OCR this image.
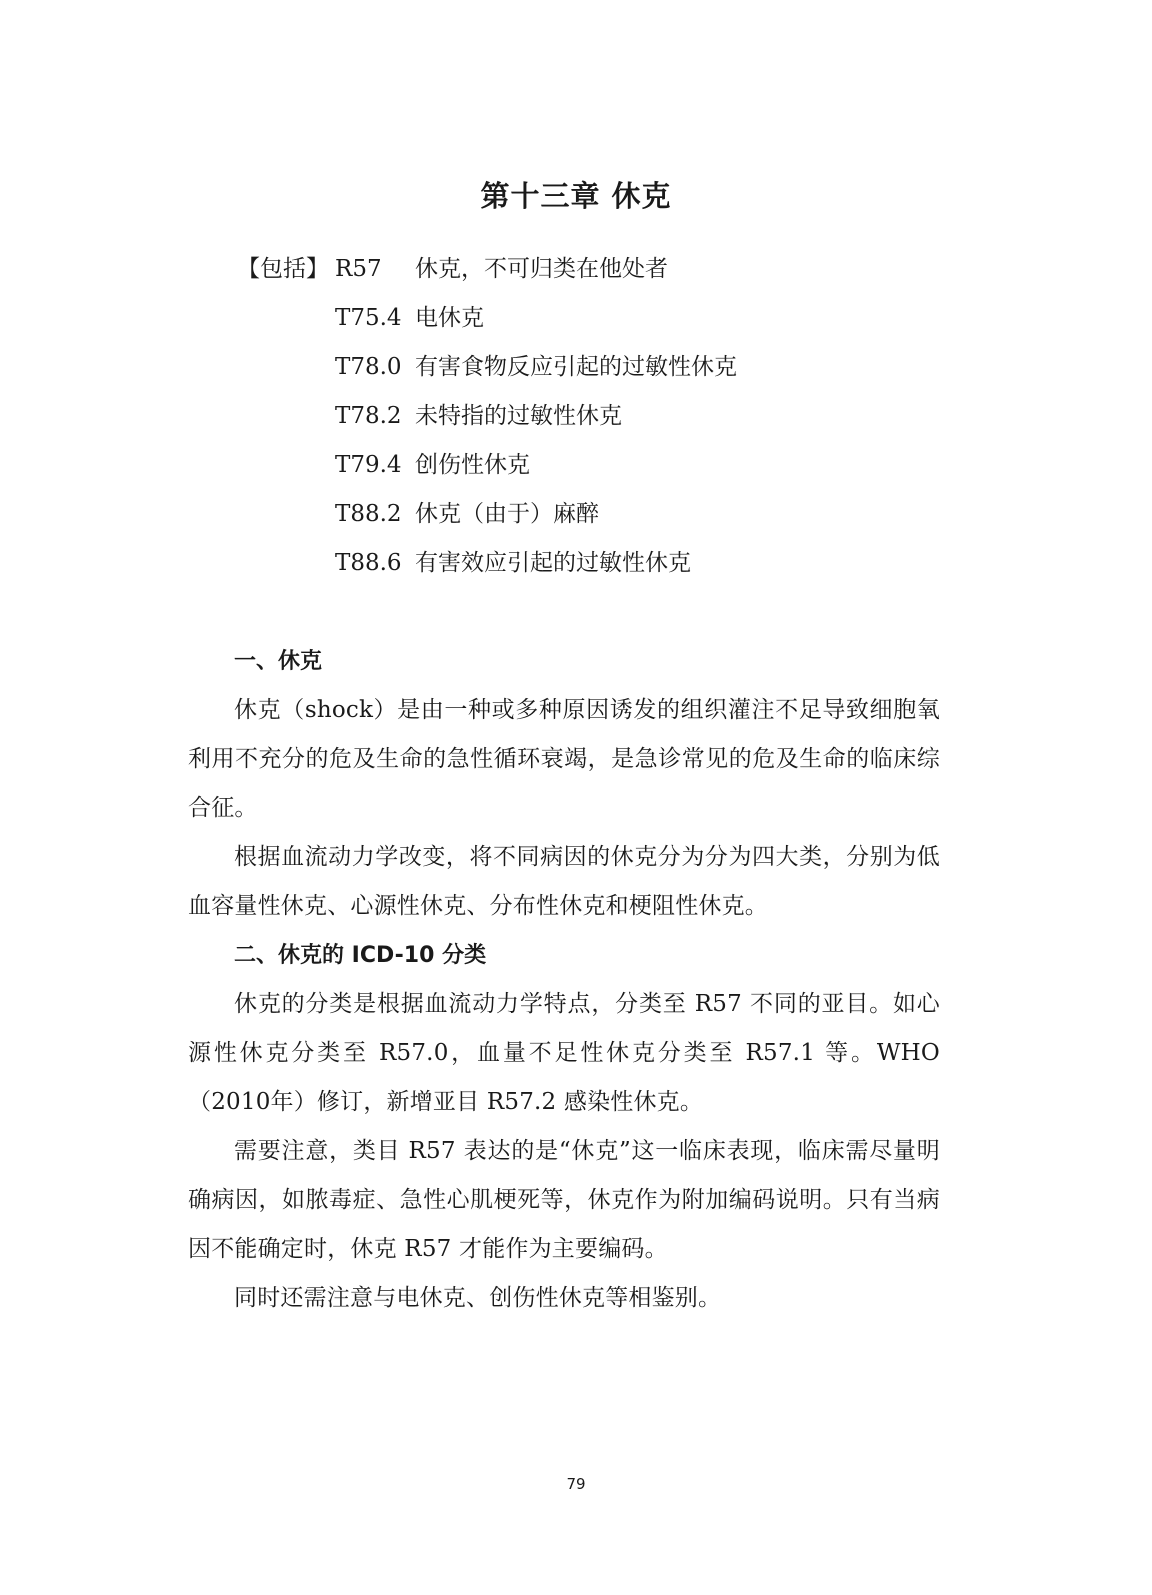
第十三章 休克
【包括】 R57 休克，不可归类在他处者
T75.4 电休克
T78.0 有害食物反应引起的过敏性休克
T78.2 未特指的过敏性休克
T79.4 创伤性休克
T88.2 休克（由于）麻醉
T88.6 有害效应引起的过敏性休克
一、休克

休克（shock）是由一种或多种原因诱发的组织灌注不足导致细胞氧利用不充分的危及生命的急性循环衰竭，是急诊常见的危及生命的临床综合征。

根据血流动力学改变，将不同病因的休克分为分为四大类，分别为低血容量性休克、心源性休克、分布性休克和梗阻性休克。

二、休克的 ICD-10 分类

休克的分类是根据血流动力学特点，分类至 R57 不同的亚目。如心源性休克分类至 R57.0，血量不足性休克分类至 R57.1 等。WHO（2010年）修订，新增亚目 R57.2 感染性休克。

需要注意，类目 R57 表达的是“休克”这一临床表现，临床需尽量明确病因，如脓毒症、急性心肌梗死等，休克作为附加编码说明。只有当病因不能确定时，休克 R57 才能作为主要编码。

同时还需注意与电休克、创伤性休克等相鉴别。

79
